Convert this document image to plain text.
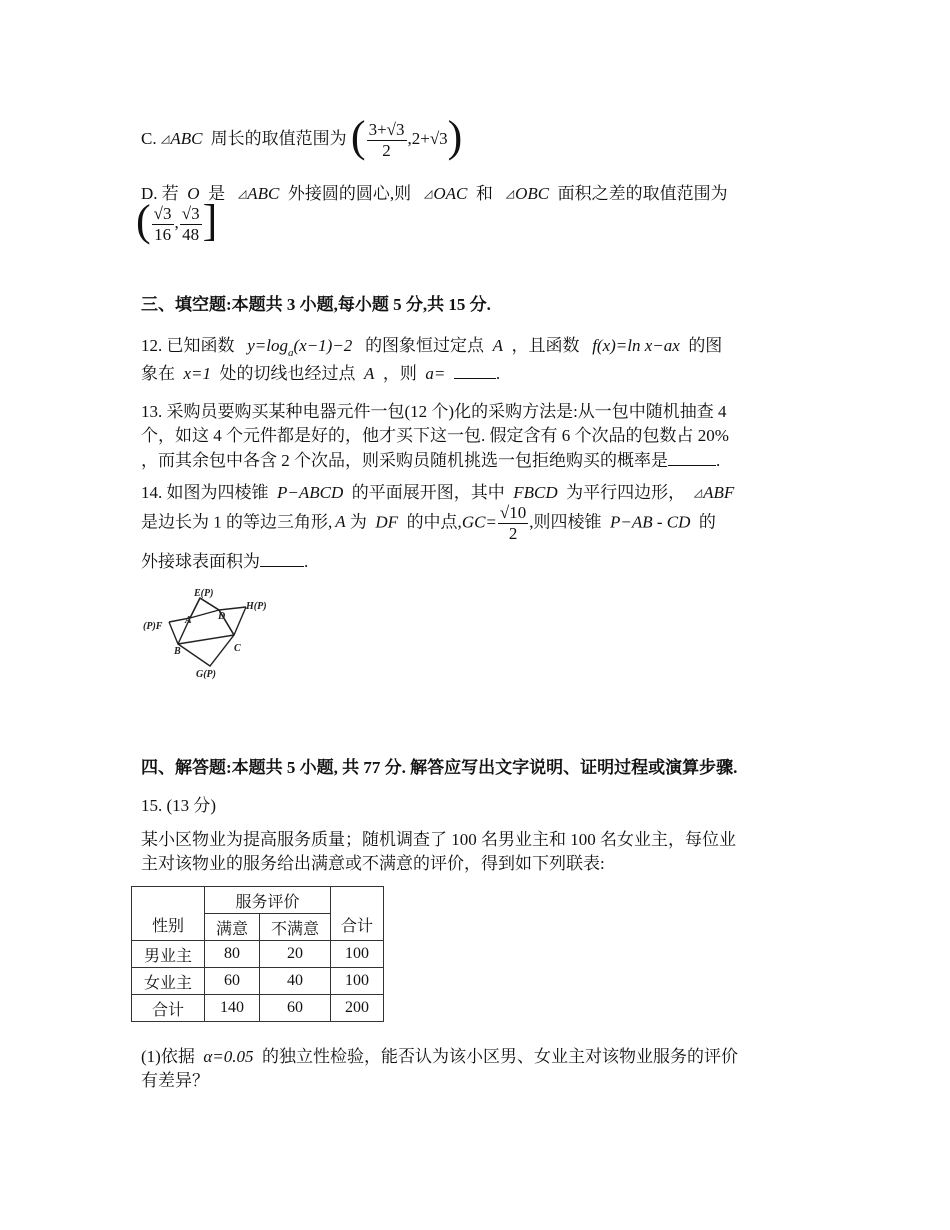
C. ◿ABC 周长的取值范围为 ( $\frac{3+√3}{2} ,2+√3$)
D. 若 O 是 ◿ABC 外接圆的圆心,则 ◿OAC 和 ◿OBC 面积之差的取值范围为
( $\frac{√3}{16}$ , $\frac{√3}{48}$ ]
三、填空题:本题共 3 小题,每小题 5 分,共 15 分.
12. 已知函数 $y=\log_a(x-1)-2$ 的图象恒过定点 A ，且函数 f(x)=ln x−ax 的图
象在 x=1 处的切线也经过点 A ，则 a=	.
13. 采购员要购买某种电器元件一包(12 个)化的采购方法是:从一包中随机抽查 4
个，如这 4 个元件都是好的，他才买下这一包. 假定含有 6 个次品的包数占 20%
，而其余包中各含 2 个次品，则采购员随机挑选一包拒绝购买的概率是	.
14. 如图为四棱锥 P−ABCD 的平面展开图，其中 FBCD 为平行四边形， ◿ABF
是边长为 1 的等边三角形, A 为 DF 的中点$,GC= \frac{√10}{2}$ ,则四棱锥 P−AB - CD 的
外接球表面积为	.
E(P)
H(P)
(P)F
A	D
B	C
G(P)
四、解答题:本题共 5 小题, 共 77 分. 解答应写出文字说明、证明过程或演算步骤.
15. (13 分)
某小区物业为提高服务质量；随机调查了 100 名男业主和 100 名女业主，每位业
主对该物业的服务给出满意或不满意的评价，得到如下列联表:
性别	服务评价		合计
	满意	不满意	
男业主	80	20	100
女业主	60	40	100
合计	140	60	200
(1)依据 α=0.05 的独立性检验，能否认为该小区男、女业主对该物业服务的评价
有差异？
